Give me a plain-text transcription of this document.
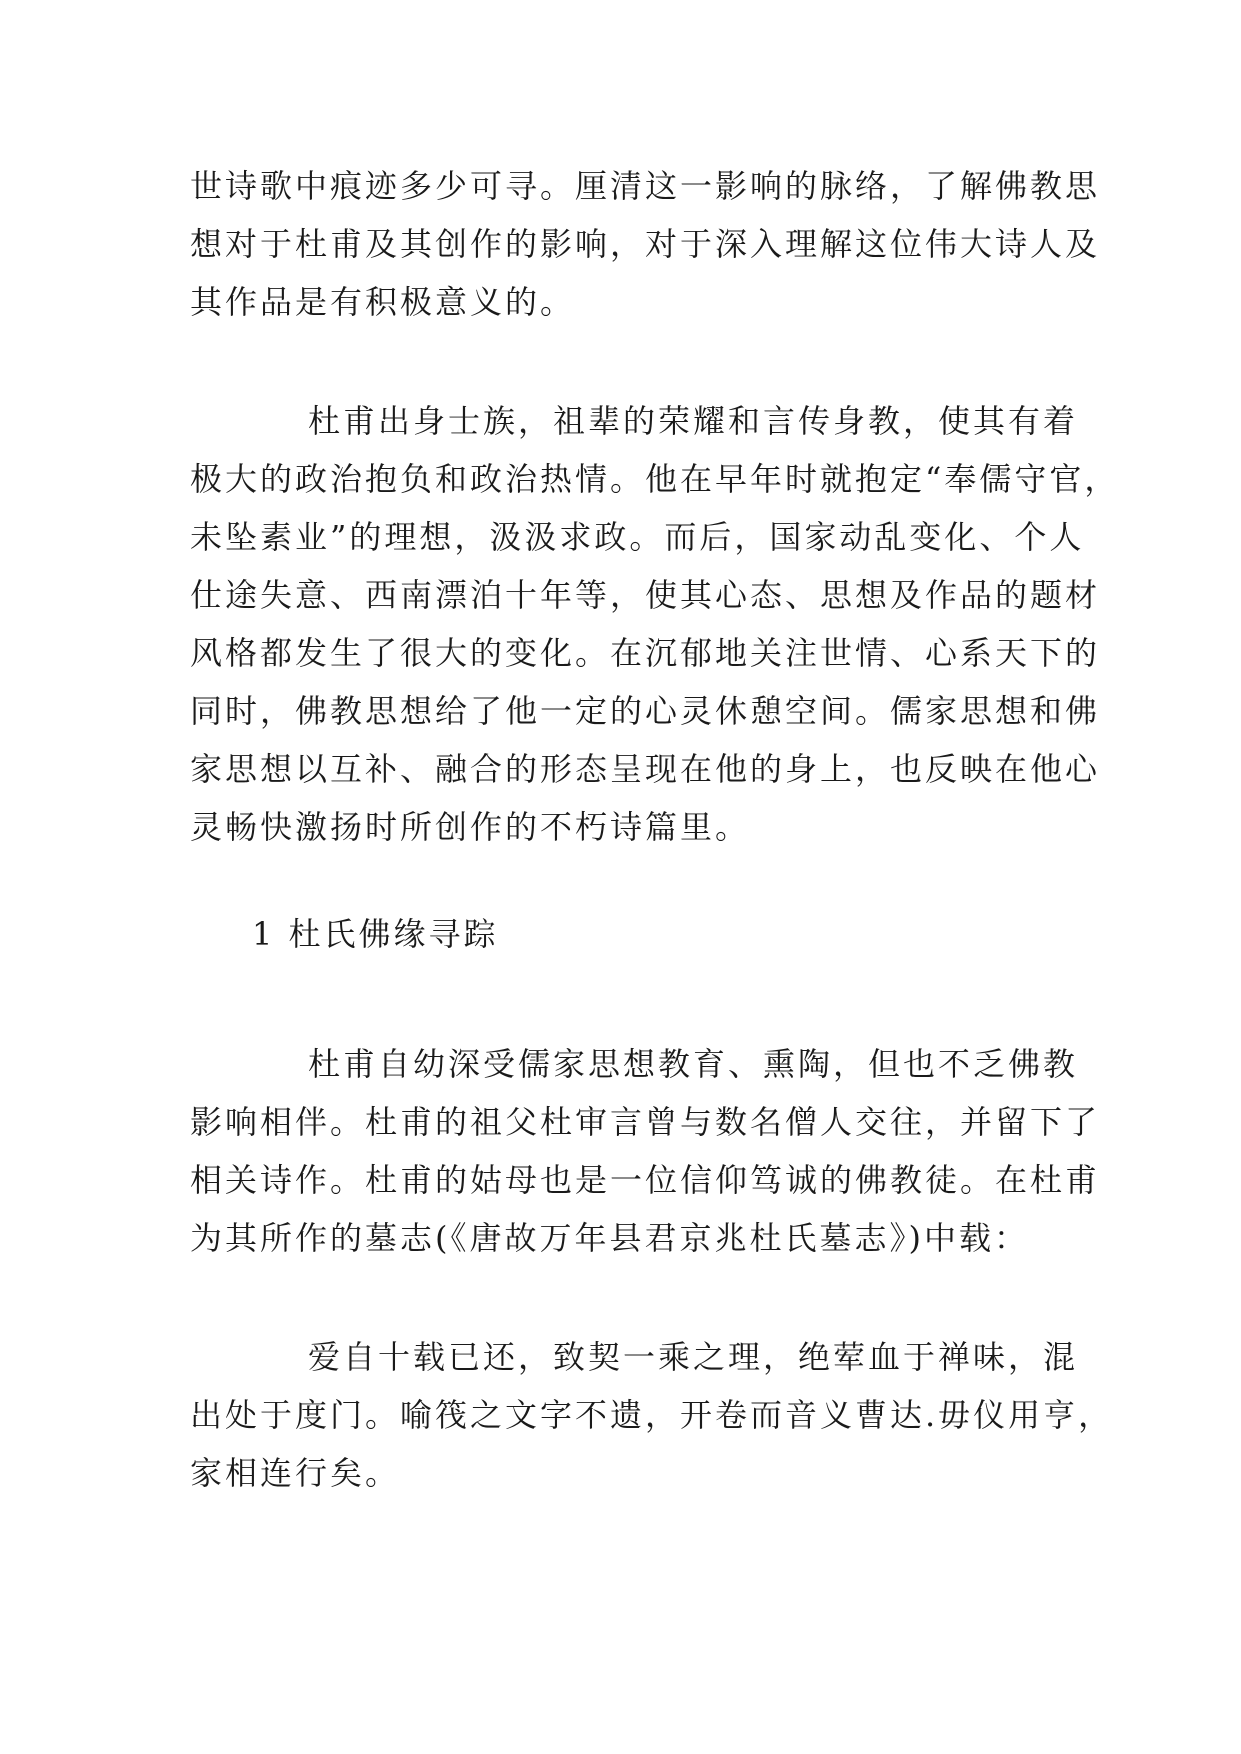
世诗歌中痕迹多少可寻。厘清这一影响的脉络，了解佛教思
想对于杜甫及其创作的影响，对于深入理解这位伟大诗人及
其作品是有积极意义的。
杜甫出身士族，祖辈的荣耀和言传身教，使其有着
极大的政治抱负和政治热情。他在早年时就抱定“奉儒守官，
未坠素业”的理想，汲汲求政。而后，国家动乱变化、个人
仕途失意、西南漂泊十年等，使其心态、思想及作品的题材
风格都发生了很大的变化。在沉郁地关注世情、心系天下的
同时，佛教思想给了他一定的心灵休憩空间。儒家思想和佛
家思想以互补、融合的形态呈现在他的身上，也反映在他心
灵畅快激扬时所创作的不朽诗篇里。
1 杜氏佛缘寻踪
杜甫自幼深受儒家思想教育、熏陶，但也不乏佛教
影响相伴。杜甫的祖父杜审言曾与数名僧人交往，并留下了
相关诗作。杜甫的姑母也是一位信仰笃诚的佛教徒。在杜甫
为其所作的墓志(《唐故万年县君京兆杜氏墓志》)中载：
爱自十载已还，致契一乘之理，绝荤血于禅味，混
出处于度门。喻筏之文字不遗，开卷而音义曹达.毋仪用亨，
家相连行矣。
